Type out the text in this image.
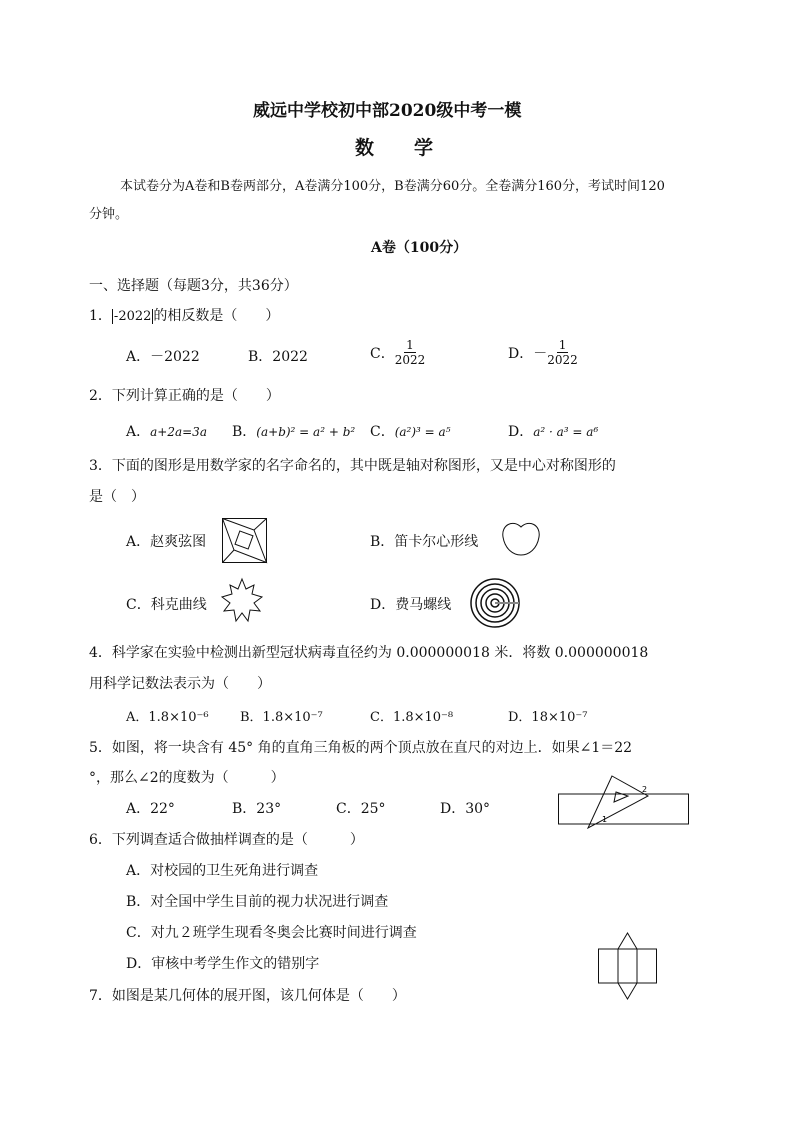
威远中学校初中部2020级中考一模
数学
本试卷分为A卷和B卷两部分，A卷满分100分，B卷满分60分。全卷满分160分，考试时间120
分钟。
A卷（100分）
一、选择题（每题3分，共36分）
1． -2022 的相反数是（　　）
A．－2022	B．2022	C． $\frac{1}{2022}$	D．－ $\frac{1}{2022}$
2．下列计算正确的是（　　）
A．a+2a=3a B．(a+b)² = a² + b² C．(a²)³ = a⁵	D．a² · a³ = a⁶
3．下面的图形是用数学家的名字命名的，其中既是轴对称图形，又是中心对称图形的
是（　）
A．赵爽弦图	B．笛卡尔心形线
C．科克曲线	D．费马螺线
4．科学家在实验中检测出新型冠状病毒直径约为 0.000000018 米．将数 0.000000018
用科学记数法表示为（　　）
A．1.8×10⁻⁶ B．1.8×10⁻⁷	C．1.8×10⁻⁸	D．18×10⁻⁷
5．如图，将一块含有 45° 角的直角三角板的两个顶点放在直尺的对边上．如果∠1＝22
°，那么∠2的度数为（　　　）
A．22°	B．23°	C．25°	D．30°
2
1
6．下列调查适合做抽样调查的是（　　　）
A．对校园的卫生死角进行调查
B．对全国中学生目前的视力状况进行调查
C．对九２班学生现看冬奥会比赛时间进行调查
D．审核中考学生作文的错别字
7．如图是某几何体的展开图，该几何体是（　　）
